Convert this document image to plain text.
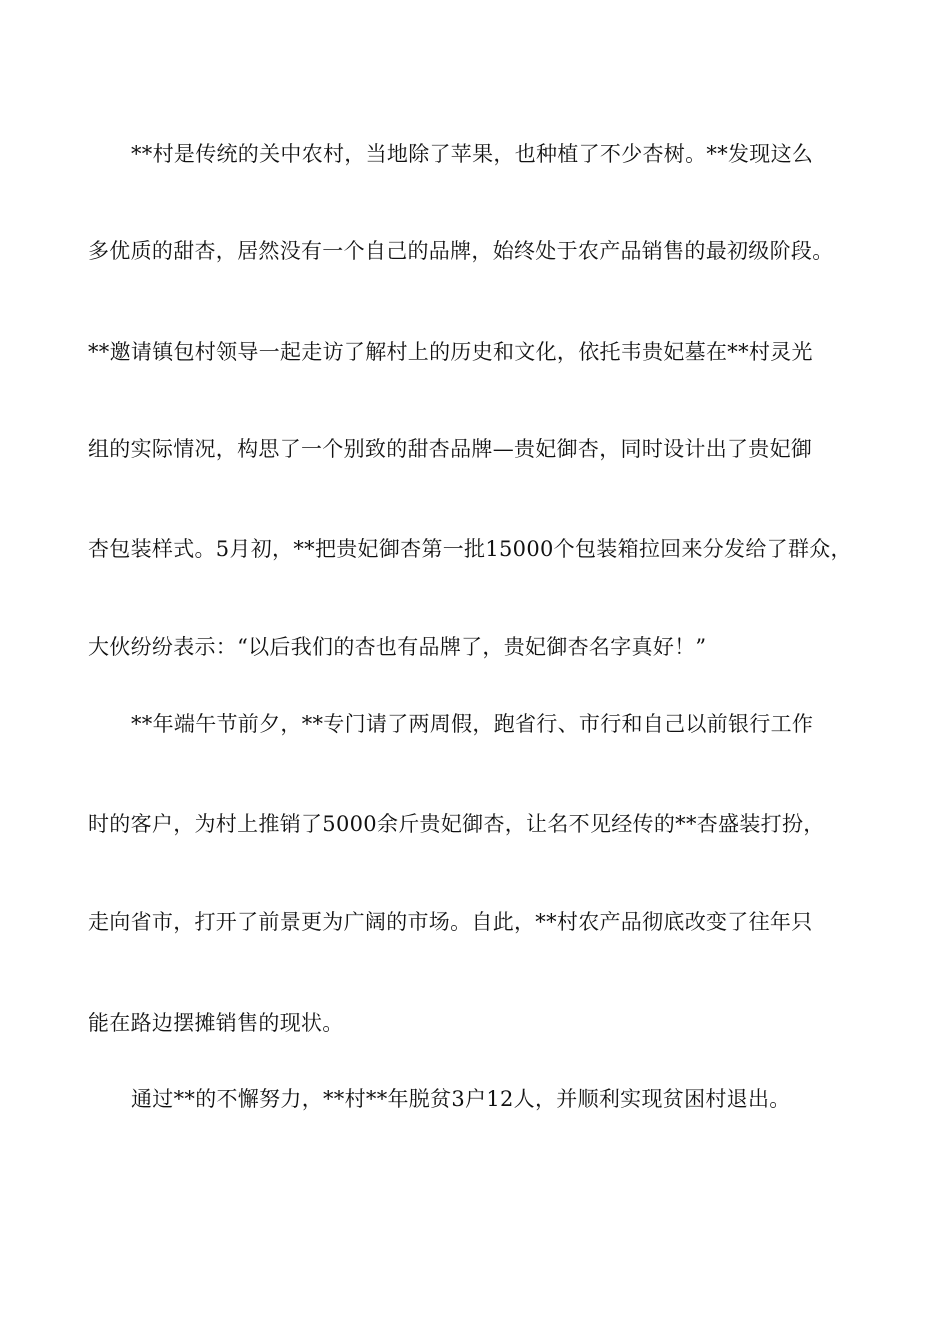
**村是传统的关中农村，当地除了苹果，也种植了不少杏树。**发现这么
多优质的甜杏，居然没有一个自己的品牌，始终处于农产品销售的最初级阶段。
**邀请镇包村领导一起走访了解村上的历史和文化，依托韦贵妃墓在**村灵光
组的实际情况，构思了一个别致的甜杏品牌—贵妃御杏，同时设计出了贵妃御
杏包装样式。5月初，**把贵妃御杏第一批15000个包装箱拉回来分发给了群众，
大伙纷纷表示：“以后我们的杏也有品牌了，贵妃御杏名字真好！”
**年端午节前夕，**专门请了两周假，跑省行、市行和自己以前银行工作
时的客户，为村上推销了5000余斤贵妃御杏，让名不见经传的**杏盛装打扮，
走向省市，打开了前景更为广阔的市场。自此，**村农产品彻底改变了往年只
能在路边摆摊销售的现状。
通过**的不懈努力，**村**年脱贫3户12人，并顺利实现贫困村退出。
